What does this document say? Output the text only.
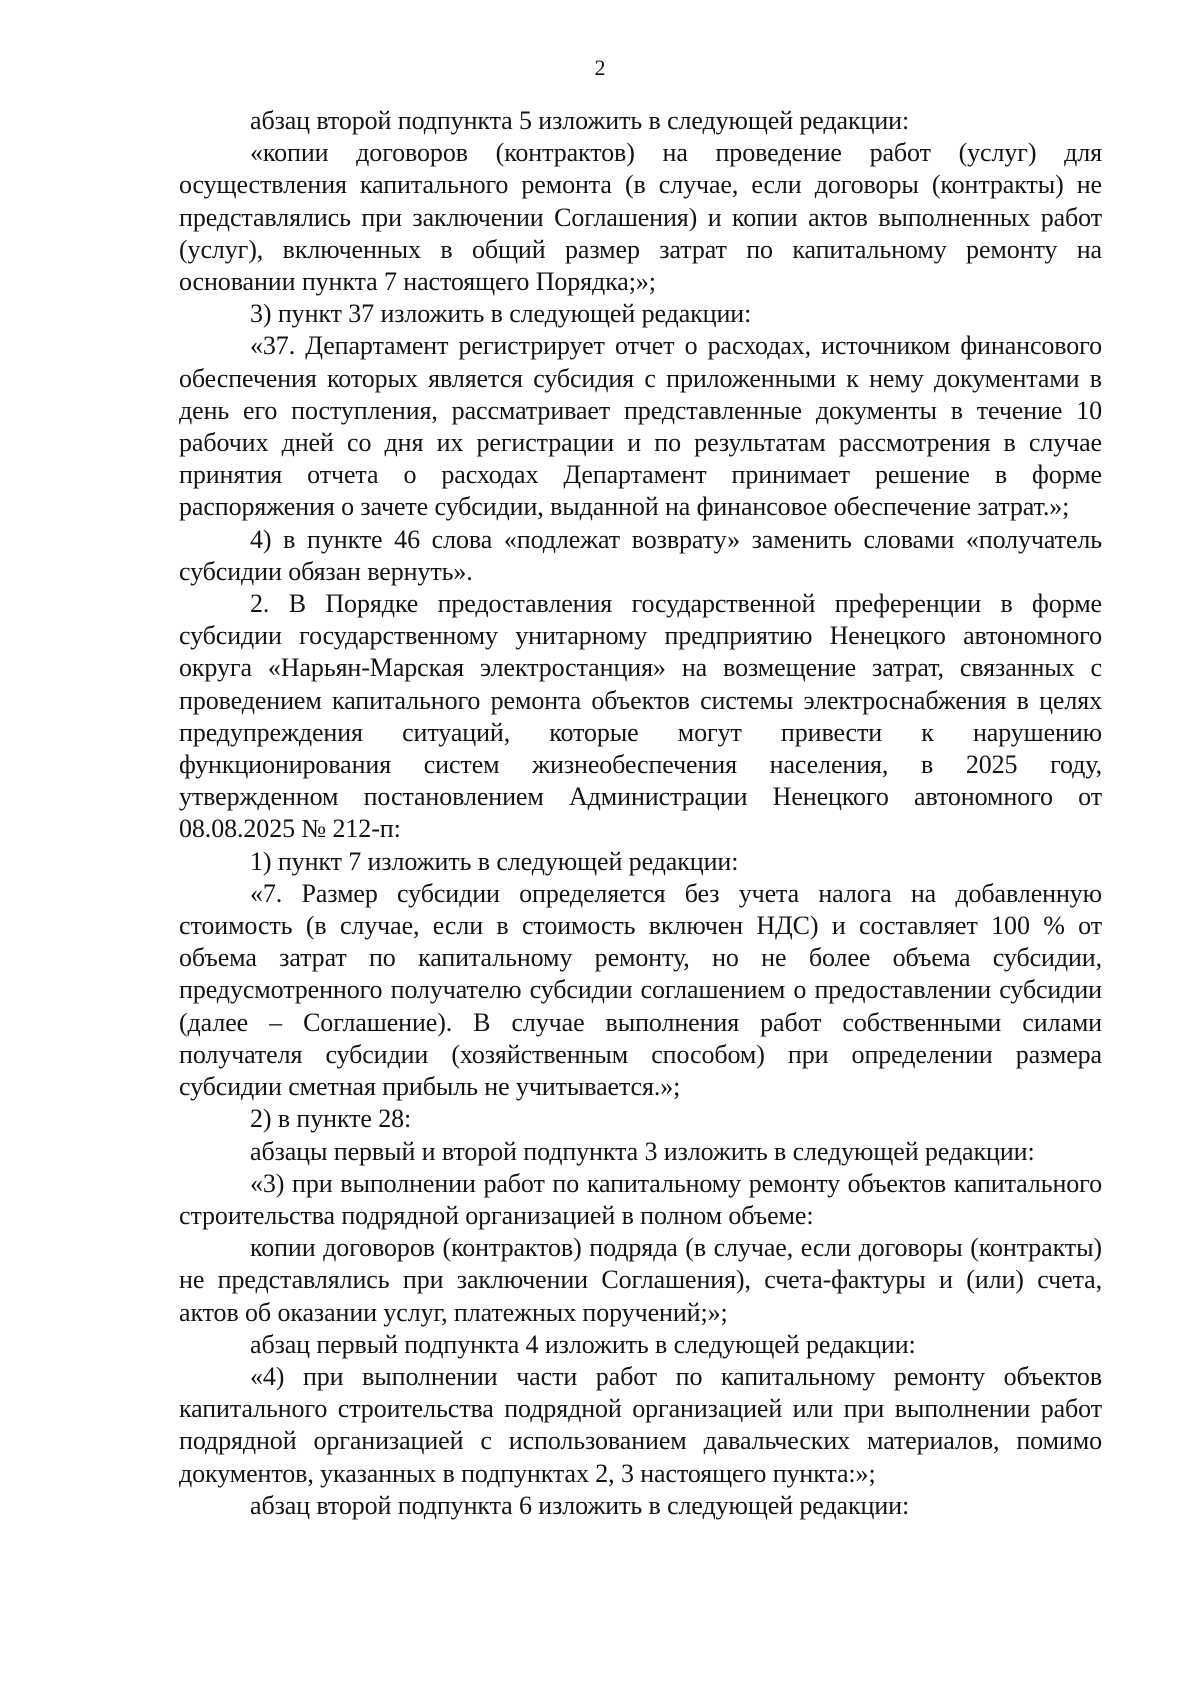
2

абзац второй подпункта 5 изложить в следующей редакции:

«копии договоров (контрактов) на проведение работ (услуг) для осуществления капитального ремонта (в случае, если договоры (контракты) не представлялись при заключении Соглашения) и копии актов выполненных работ (услуг), включенных в общий размер затрат по капитальному ремонту на основании пункта 7 настоящего Порядка;»;

3) пункт 37 изложить в следующей редакции:

«37. Департамент регистрирует отчет о расходах, источником финансового обеспечения которых является субсидия с приложенными к нему документами в день его поступления, рассматривает представленные документы в течение 10 рабочих дней со дня их регистрации и по результатам рассмотрения в случае принятия отчета о расходах Департамент принимает решение в форме распоряжения о зачете субсидии, выданной на финансовое обеспечение затрат.»;

4) в пункте 46 слова «подлежат возврату» заменить словами «получатель субсидии обязан вернуть».

2. В Порядке предоставления государственной преференции в форме субсидии государственному унитарному предприятию Ненецкого автономного округа «Нарьян-Марская электростанция» на возмещение затрат, связанных с проведением капитального ремонта объектов системы электроснабжения в целях предупреждения ситуаций, которые могут привести к нарушению функционирования систем жизнеобеспечения населения, в 2025 году, утвержденном постановлением Администрации Ненецкого автономного от 08.08.2025 № 212-п:

1) пункт 7 изложить в следующей редакции:

«7. Размер субсидии определяется без учета налога на добавленную стоимость (в случае, если в стоимость включен НДС) и составляет 100 % от объема затрат по капитальному ремонту, но не более объема субсидии, предусмотренного получателю субсидии соглашением о предоставлении субсидии (далее – Соглашение). В случае выполнения работ собственными силами получателя субсидии (хозяйственным способом) при определении размера субсидии сметная прибыль не учитывается.»;

2) в пункте 28:

абзацы первый и второй подпункта 3 изложить в следующей редакции:

«3) при выполнении работ по капитальному ремонту объектов капитального строительства подрядной организацией в полном объеме:

копии договоров (контрактов) подряда (в случае, если договоры (контракты) не представлялись при заключении Соглашения), счета-фактуры и (или) счета, актов об оказании услуг, платежных поручений;»;

абзац первый подпункта 4 изложить в следующей редакции:

«4) при выполнении части работ по капитальному ремонту объектов капитального строительства подрядной организацией или при выполнении работ подрядной организацией с использованием давальческих материалов, помимо документов, указанных в подпунктах 2, 3 настоящего пункта:»;

абзац второй подпункта 6 изложить в следующей редакции:
